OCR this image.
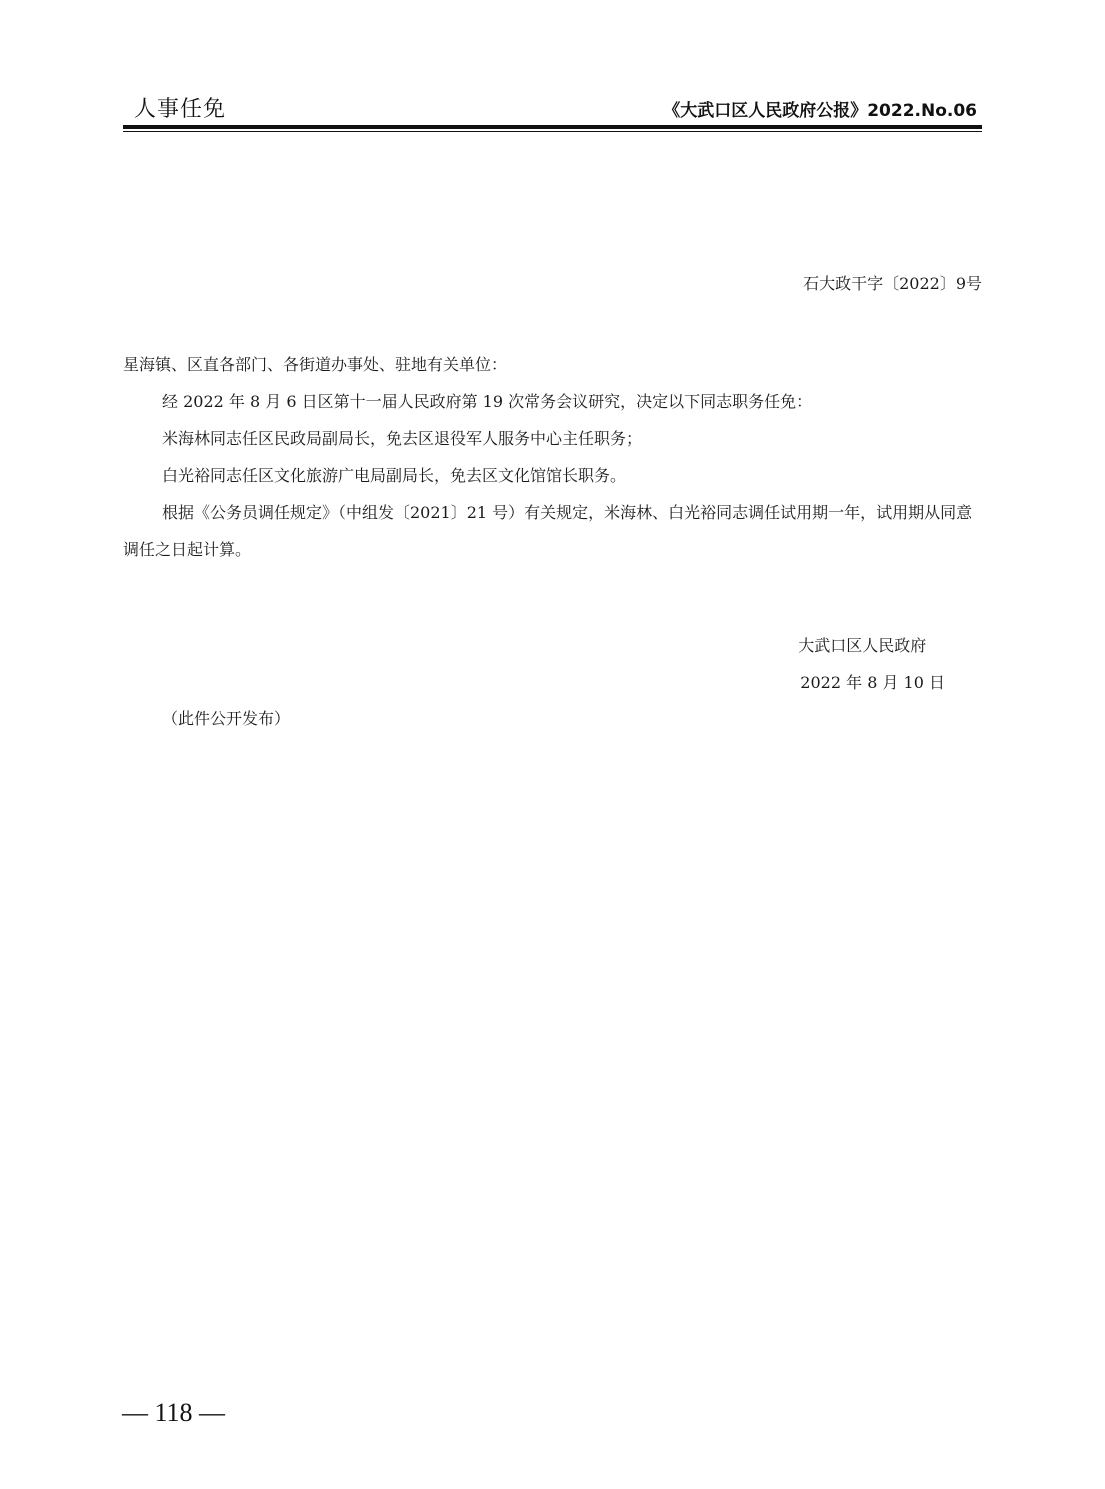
人事任免	《大武口区人民政府公报》2022.No.06
石大政干字〔2022〕9号

星海镇、区直各部门、各街道办事处、驻地有关单位：

经 2022 年 8 月 6 日区第十一届人民政府第 19 次常务会议研究，决定以下同志职务任免：

米海林同志任区民政局副局长，免去区退役军人服务中心主任职务；

白光裕同志任区文化旅游广电局副局长，免去区文化馆馆长职务。

根据《公务员调任规定》（中组发〔2021〕21 号）有关规定，米海林、白光裕同志调任试用期一年，试用期从同意调任之日起计算。

大武口区人民政府
2022 年 8 月 10 日
（此件公开发布）
— 118 —
